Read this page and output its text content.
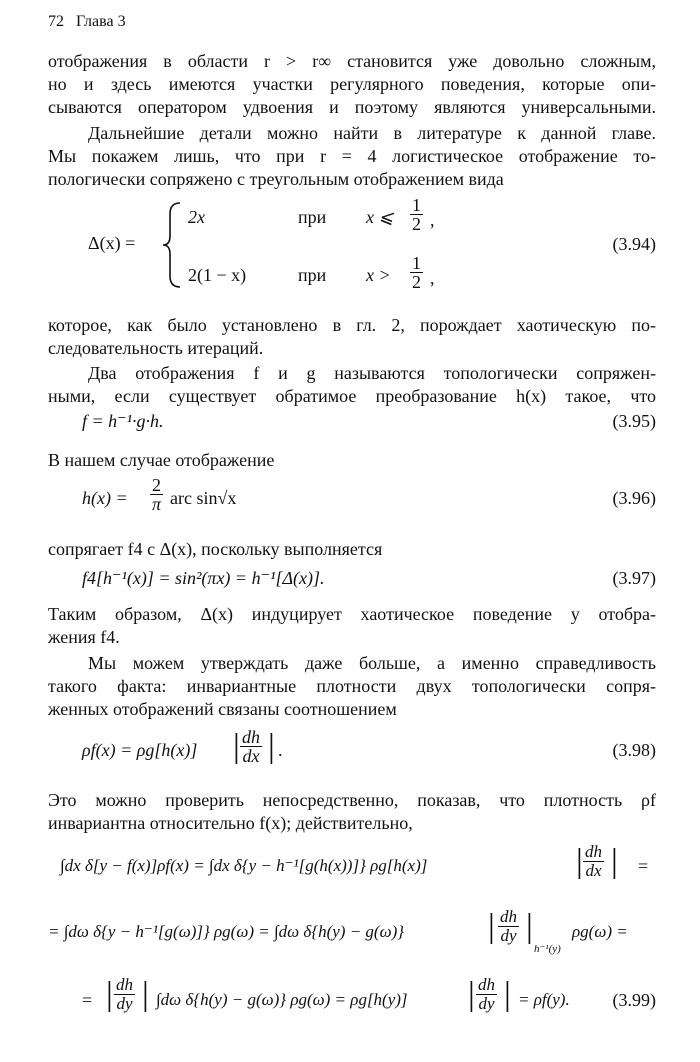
72 Глава 3
отображения в области r > r∞ становится уже довольно сложным,
но и здесь имеются участки регулярного поведения, которые опи-
сываются оператором удвоения и поэтому являются универсальными.
Дальнейшие детали можно найти в литературе к данной главе.
Мы покажем лишь, что при r = 4 логистическое отображение то-
пологически сопряжено с треугольным отображением вида
Δ(x) =
2x	при x ⩽ $\frac{1}{2}$ ,
2(1 − x)	при $x > \frac{1}{2}$ ,
(3.94)
которое, как было установлено в гл. 2, порождает хаотическую по-
следовательность итераций.
Два отображения f и g называются топологически сопряжен-
ными, если существует обратимое преобразование h(x) такое, что
f = h⁻¹·g·h.	(3.95)
В нашем случае отображение
$h(x) = \frac{2}{\pi}$ arc sin√x	(3.96)
сопрягает f4 с Δ(x), поскольку выполняется
f4[h⁻¹(x)] = sin²(πx) = h⁻¹[Δ(x)].	(3.97)
Таким образом, Δ(x) индуцирует хаотическое поведение у отобра-
жения f4.
Мы можем утверждать даже больше, а именно справедливость
такого факта: инвариантные плотности двух топологически сопря-
женных отображений связаны соотношением
ρf(x) = ρg[h(x)] | $\frac{dh}{dx}$ | .	(3.98)
Это можно проверить непосредственно, показав, что плотность ρf
инвариантна относительно f(x); действительно,
∫dx δ[y − f(x)]ρf(x) = ∫dx δ{y − h⁻¹[g(h(x))]} ρg[h(x)]	| $\frac{dh}{dx}$ | =
= ∫dω δ{y − h⁻¹[g(ω)]} ρg(ω) = ∫dω δ{h(y) − g(ω)} | $\frac{dh}{dy}$ |
h⁻¹(y)
ρg(ω) =
= | $\frac{dh}{dy}$ | ∫dω δ{h(y) − g(ω)} ρg(ω) = ρg[h(y)] | $\frac{dh}{dy}$ | = ρf(y). (3.99)
